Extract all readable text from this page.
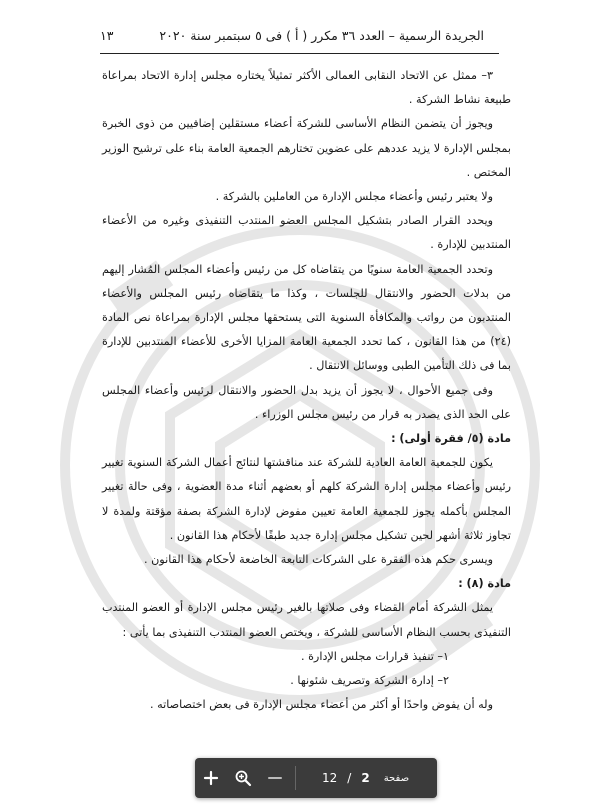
الجريدة الرسمية – العدد ٣٦ مكرر ( أ ) فى ٥ سبتمبر سنة ٢٠٢٠
١٣

٣– ممثل عن الاتحاد النقابى العمالى الأكثر تمثيلاً يختاره مجلس إدارة الاتحاد بمراعاة طبيعة نشاط الشركة .

ويجوز أن يتضمن النظام الأساسى للشركة أعضاء مستقلين إضافيين من ذوى الخبرة بمجلس الإدارة لا يزيد عددهم على عضوين تختارهم الجمعية العامة بناء على ترشيح الوزير المختص .

ولا يعتبر رئيس وأعضاء مجلس الإدارة من العاملين بالشركة .

ويحدد القرار الصادر بتشكيل المجلس العضو المنتدب التنفيذى وغيره من الأعضاء المنتدبين للإدارة .

وتحدد الجمعية العامة سنويًا من يتقاضاه كل من رئيس وأعضاء المجلس المُشار إليهم من بدلات الحضور والانتقال للجلسات ، وكذا ما يتقاضاه رئيس المجلس والأعضاء المنتدبون من رواتب والمكافأة السنوية التى يستحقها مجلس الإدارة بمراعاة نص المادة (٢٤) من هذا القانون ، كما تحدد الجمعية العامة المزايا الأخرى للأعضاء المنتدبين للإدارة بما فى ذلك التأمين الطبى ووسائل الانتقال .

وفى جميع الأحوال ، لا يجوز أن يزيد بدل الحضور والانتقال لرئيس وأعضاء المجلس على الحد الذى يصدر به قرار من رئيس مجلس الوزراء .

مادة (٥/ فقرة أولى) :

يكون للجمعية العامة العادية للشركة عند مناقشتها لنتائج أعمال الشركة السنوية تغيير رئيس وأعضاء مجلس إدارة الشركة كلهم أو بعضهم أثناء مدة العضوية ، وفى حالة تغيير المجلس بأكمله يجوز للجمعية العامة تعيين مفوض لإدارة الشركة بصفة مؤقتة ولمدة لا تجاوز ثلاثة أشهر لحين تشكيل مجلس إدارة جديد طبقًا لأحكام هذا القانون .

ويسرى حكم هذه الفقرة على الشركات التابعة الخاضعة لأحكام هذا القانون .

مادة (٨) :

يمثل الشركة أمام القضاء وفى صلاتها بالغير رئيس مجلس الإدارة أو العضو المنتدب التنفيذى بحسب النظام الأساسى للشركة ، ويختص العضو المنتدب التنفيذى بما يأتى :

١– تنفيذ قرارات مجلس الإدارة .

٢– إدارة الشركة وتصريف شئونها .

وله أن يفوض واحدًا أو أكثر من أعضاء مجلس الإدارة فى بعض اختصاصاته .

12 / 2 صفحة
